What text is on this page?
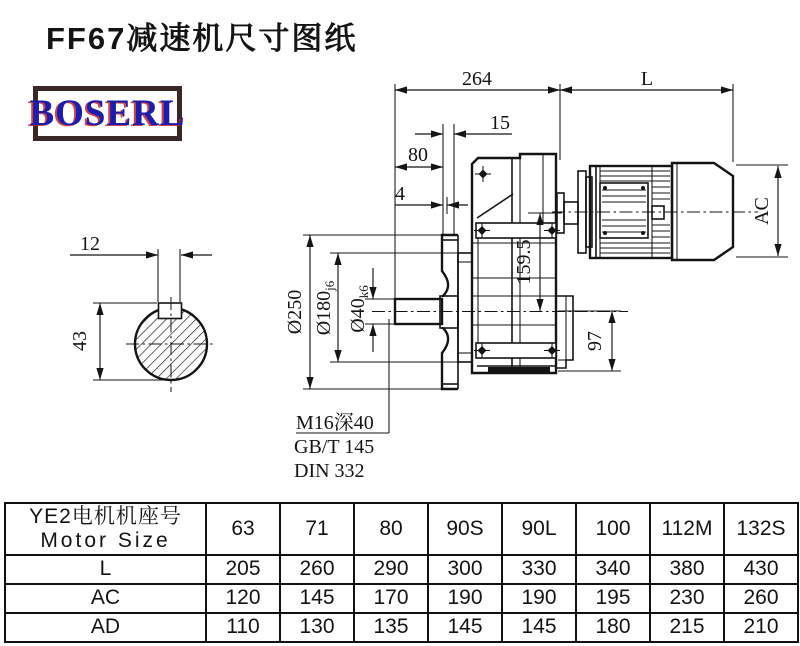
FF67减速机尺寸图纸
BOSERL
12
43
264	L
15
80
4
AC
159.5
97
Ø250 $Ø180_{j6}$
$Ø40_{k6}$
M16深40
GB/T 145
DIN 332
YE2电机机座号
Motor Size	63	71	80	90S	90L	100	112M	132S
L	205	260	290	300	330	340	380	430
AC	120	145	170	190	190	195	230	260
AD	110	130	135	145	145	180	215	210
